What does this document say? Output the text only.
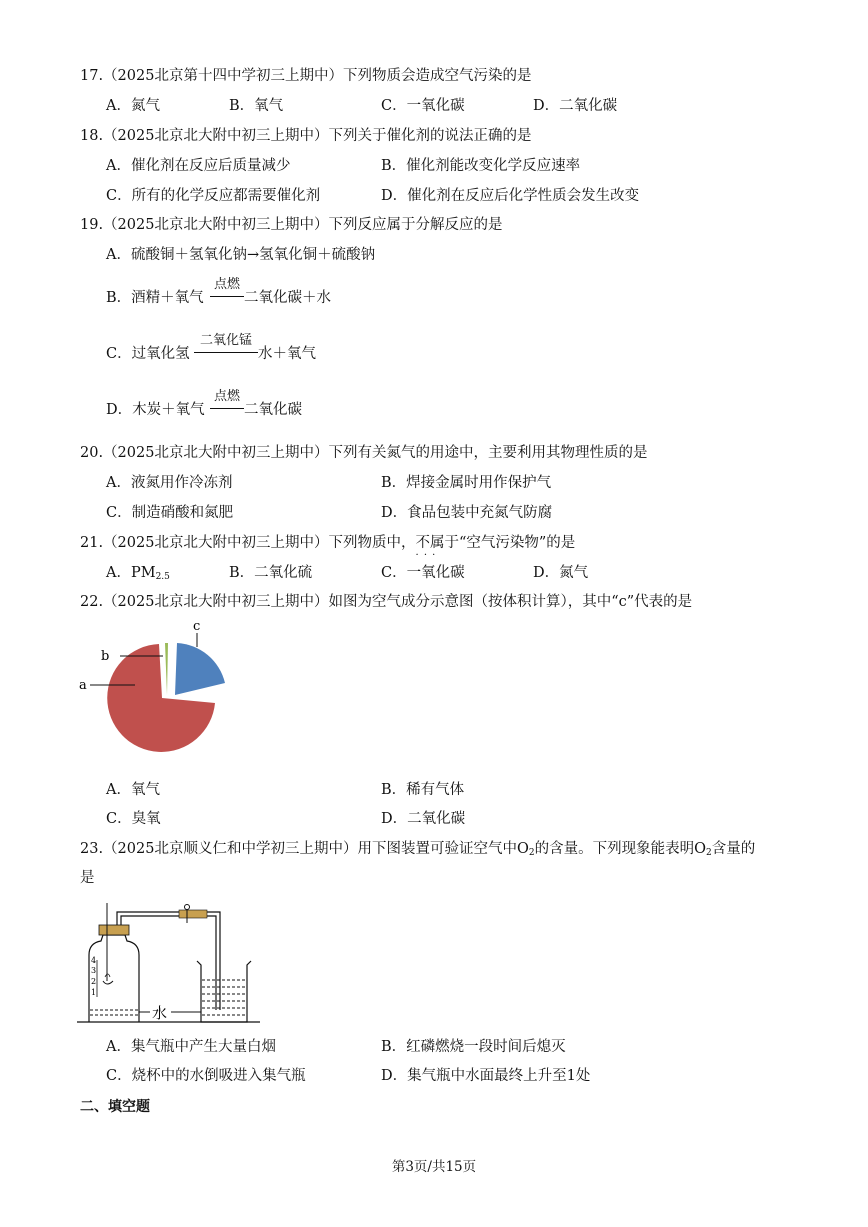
17.（2025北京第十四中学初三上期中）下列物质会造成空气污染的是
A．氮气	B．氧气	C．一氧化碳	D．二氧化碳
18.（2025北京北大附中初三上期中）下列关于催化剂的说法正确的是
A．催化剂在反应后质量减少	B．催化剂能改变化学反应速率
C．所有的化学反应都需要催化剂	D．催化剂在反应后化学性质会发生改变
19.（2025北京北大附中初三上期中）下列反应属于分解反应的是
A．硫酸铜＋氢氧化钠→氢氧化铜＋硫酸钠
B．酒精＋氧气
点燃
二氧化碳＋水
C．过氧化氢
二氧化锰
水＋氧气
D．木炭＋氧气
点燃
二氧化碳
20.（2025北京北大附中初三上期中）下列有关氮气的用途中，主要利用其物理性质的是
A．液氮用作冷冻剂	B．焊接金属时用作保护气
C．制造硝酸和氮肥	D．食品包装中充氮气防腐
21.（2025北京北大附中初三上期中）下列物质中，不属于 · · ·“空气污染物”的是
A．$PM_{2.5}$	B．二氧化硫	C．一氧化碳	D．氮气
22.（2025北京北大附中初三上期中）如图为空气成分示意图（按体积计算），其中“c”代表的是
b
a
c
A．氧气	B．稀有气体
C．臭氧	D．二氧化碳
23.（2025北京顺义仁和中学初三上期中）用下图装置可验证空气中$O_2$的含量。下列现象能表明$O_2$含量的
是
4
3
2
1
水
A．集气瓶中产生大量白烟	B．红磷燃烧一段时间后熄灭
C．烧杯中的水倒吸进入集气瓶	D．集气瓶中水面最终上升至1处
二、填空题
第3页/共15页
